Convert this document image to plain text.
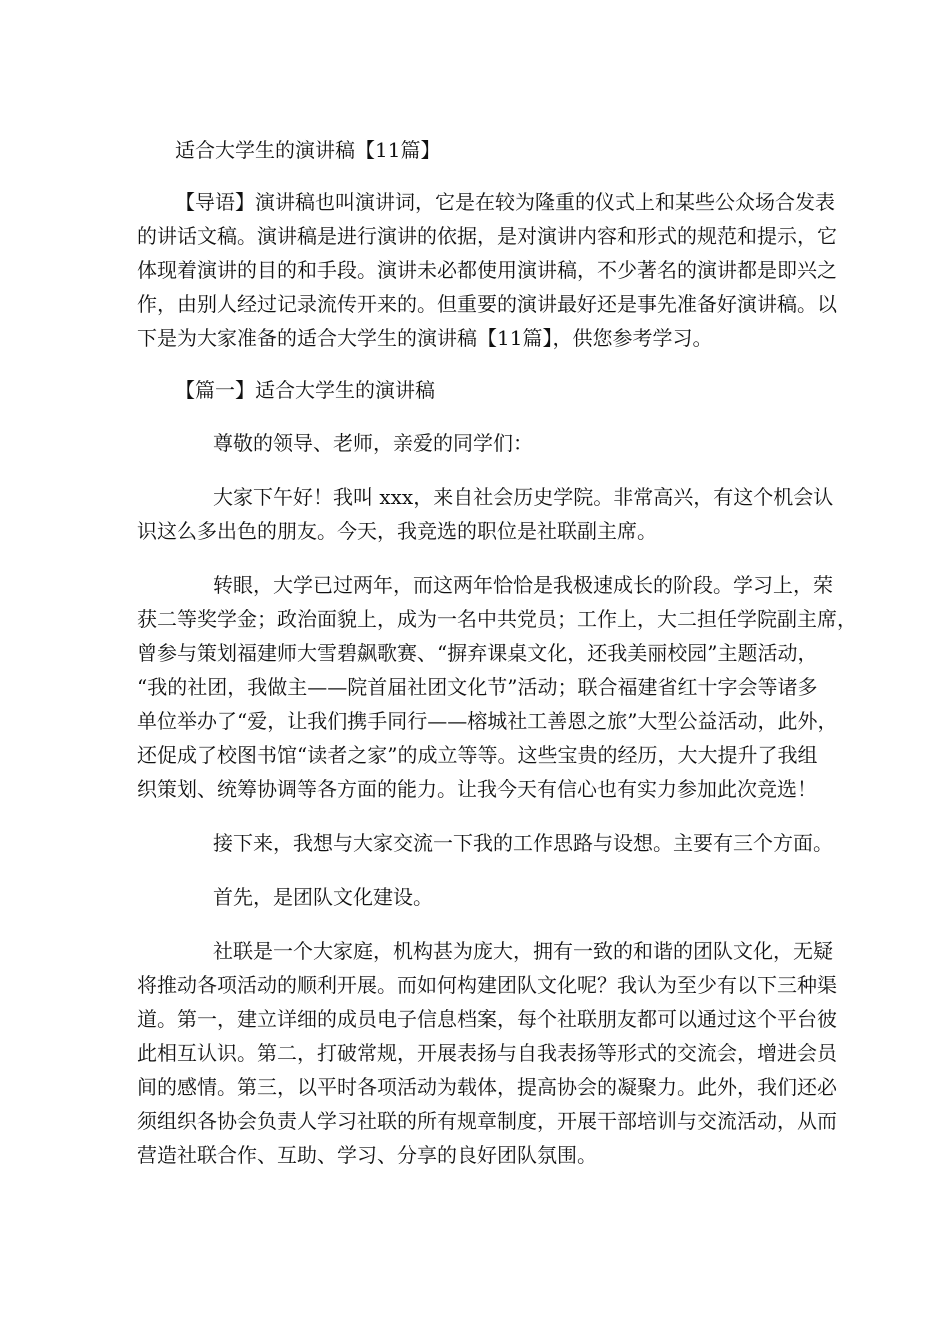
适合大学生的演讲稿【11篇】
【导语】演讲稿也叫演讲词，它是在较为隆重的仪式上和某些公众场合发表
的讲话文稿。演讲稿是进行演讲的依据，是对演讲内容和形式的规范和提示，它
体现着演讲的目的和手段。演讲未必都使用演讲稿，不少著名的演讲都是即兴之
作，由别人经过记录流传开来的。但重要的演讲最好还是事先准备好演讲稿。以
下是为大家准备的适合大学生的演讲稿【11篇】，供您参考学习。
【篇一】适合大学生的演讲稿
尊敬的领导、老师，亲爱的同学们：
大家下午好！我叫 xxx，来自社会历史学院。非常高兴，有这个机会认
识这么多出色的朋友。今天，我竞选的职位是社联副主席。
转眼，大学已过两年，而这两年恰恰是我极速成长的阶段。学习上，荣
获二等奖学金；政治面貌上，成为一名中共党员；工作上，大二担任学院副主席，
曾参与策划福建师大雪碧飙歌赛、“摒弃课桌文化，还我美丽校园”主题活动，
“我的社团，我做主——院首届社团文化节”活动；联合福建省红十字会等诸多
单位举办了“爱，让我们携手同行——榕城社工善恩之旅”大型公益活动，此外，
还促成了校图书馆“读者之家”的成立等等。这些宝贵的经历，大大提升了我组
织策划、统筹协调等各方面的能力。让我今天有信心也有实力参加此次竞选！
接下来，我想与大家交流一下我的工作思路与设想。主要有三个方面。
首先，是团队文化建设。
社联是一个大家庭，机构甚为庞大，拥有一致的和谐的团队文化，无疑
将推动各项活动的顺利开展。而如何构建团队文化呢？我认为至少有以下三种渠
道。第一，建立详细的成员电子信息档案，每个社联朋友都可以通过这个平台彼
此相互认识。第二，打破常规，开展表扬与自我表扬等形式的交流会，增进会员
间的感情。第三，以平时各项活动为载体，提高协会的凝聚力。此外，我们还必
须组织各协会负责人学习社联的所有规章制度，开展干部培训与交流活动，从而
营造社联合作、互助、学习、分享的良好团队氛围。
